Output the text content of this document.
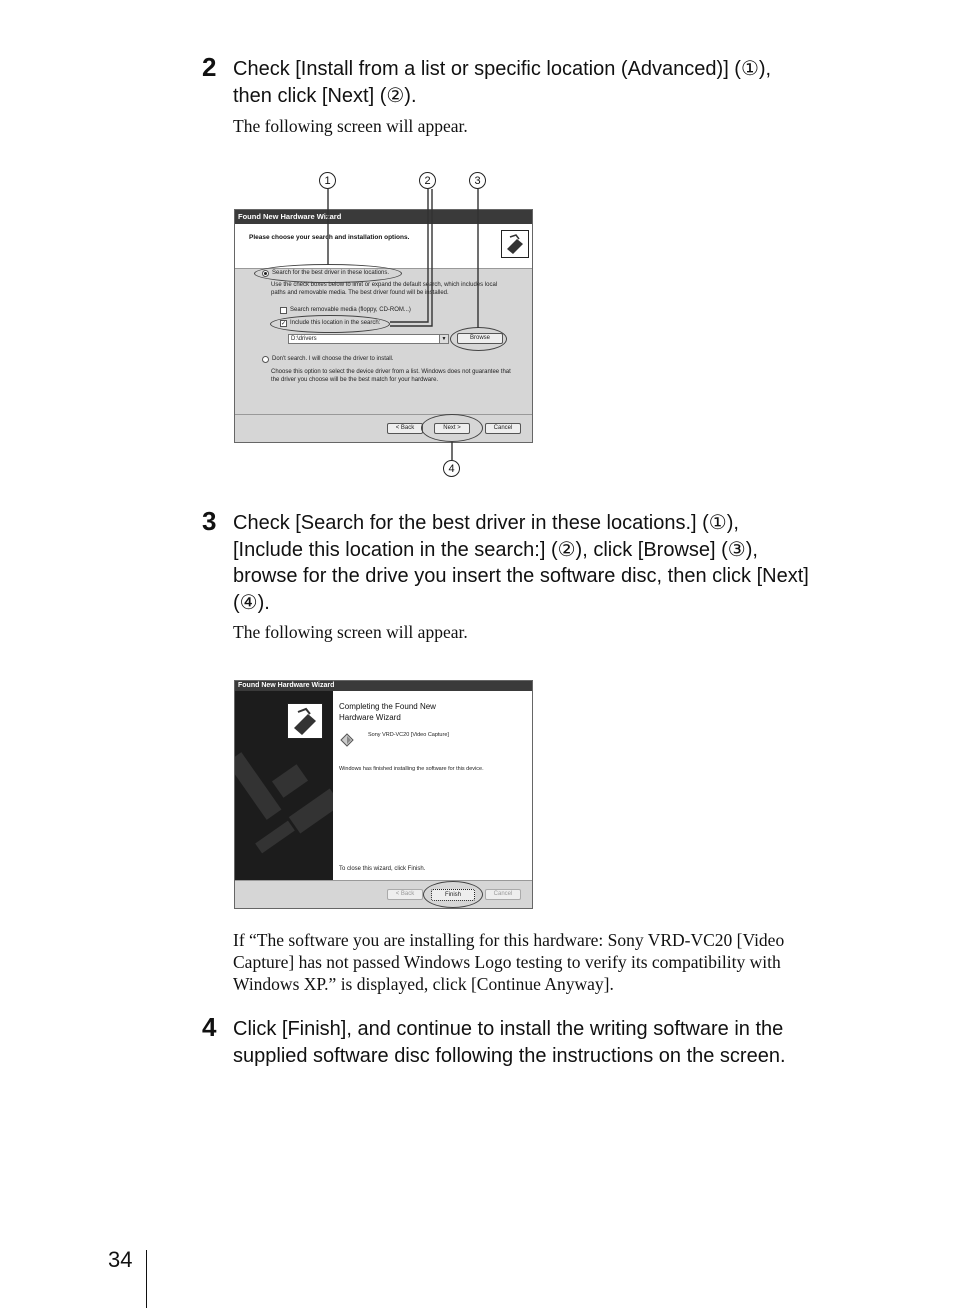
2 Check [Install from a list or specific location (Advanced)] (①),
then click [Next] (②).
The following screen will appear.
1	2	3
4
Found New Hardware Wizard
Please choose your search and installation options.
Search for the best driver in these locations.
Use the check boxes below to limit or expand the default search, which includes local
paths and removable media. The best driver found will be installed.
Search removable media (floppy, CD-ROM...)
✓ Include this location in the search:
D:\drivers	▼	Browse
Don't search. I will choose the driver to install.
Choose this option to select the device driver from a list. Windows does not guarantee that
the driver you choose will be the best match for your hardware.
< Back	Next >	Cancel
3 Check [Search for the best driver in these locations.] (①),
[Include this location in the search:] (②), click [Browse] (③),
browse for the drive you insert the software disc, then click [Next]
(④).
The following screen will appear.
Found New Hardware Wizard
Completing the Found New
Hardware Wizard
Sony VRD-VC20 [Video Capture]
Windows has finished installing the software for this device.
To close this wizard, click Finish.
< Back	Finish	Cancel
If “The software you are installing for this hardware: Sony VRD-VC20 [Video
Capture] has not passed Windows Logo testing to verify its compatibility with
Windows XP.” is displayed, click [Continue Anyway].
4 Click [Finish], and continue to install the writing software in the
supplied software disc following the instructions on the screen.
34
